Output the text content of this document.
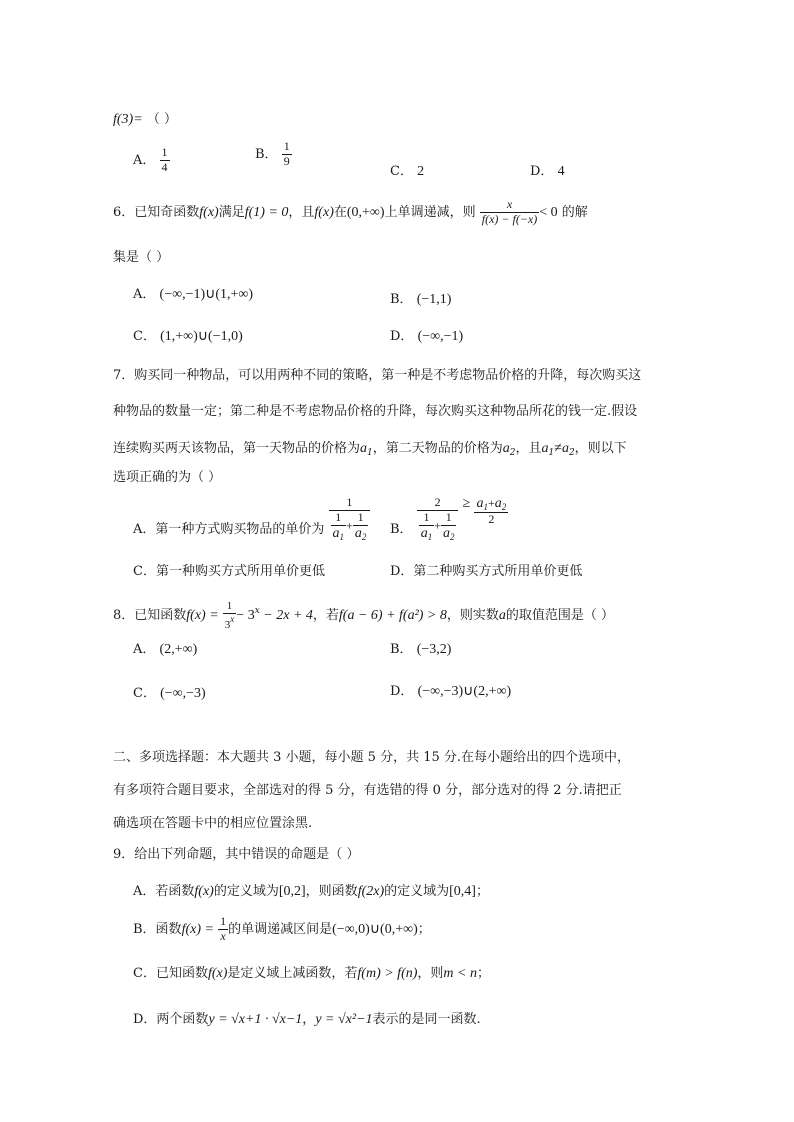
f(3)= （ ）
A． $\frac{1}{4}$	B． $\frac{1}{9}$
C． 2	D． 4
6．已知奇函数f(x)满足f(1) = 0，且f(x)在(0,+∞)上单调递减，则 $\frac{x}{f(x) - f(-x)} < 0$ 的解
集是（ ）
A． (−∞,−1)∪(1,+∞)	B． (−1,1)
C． (1,+∞)∪(−1,0)	D． (−∞,−1)
7．购买同一种物品，可以用两种不同的策略，第一种是不考虑物品价格的升降，每次购买这
种物品的数量一定；第二种是不考虑物品价格的升降，每次购买这种物品所花的钱一定.假设
连续购买两天该物品，第一天物品的价格为$a_1$，第二天物品的价格为$a_2$，且$a_1\ne a_2$，则以下
选项正确的为（ ）
A．第一种方式购买物品的单价为 $\frac{1}{\frac{1}{a_1} + \frac{1}{a_2}}$ B． $\frac{2}{\frac{1}{a_1} + \frac{1}{a_2}} \ge \frac{a_1+a_2}{2}$
C．第一种购买方式所用单价更低	D．第二种购买方式所用单价更低
8．已知函数$f(x) = \frac{1}{3^x} - 3^x - 2x + 4$，若f(a − 6) + f(a²) > 8，则实数a的取值范围是（ ）
A． (2,+∞)	B． (−3,2)
C． (−∞,−3)	D． (−∞,−3)∪(2,+∞)
二、多项选择题：本大题共 3 小题，每小题 5 分，共 15 分.在每小题给出的四个选项中，
有多项符合题目要求，全部选对的得 5 分，有选错的得 0 分，部分选对的得 2 分.请把正
确选项在答题卡中的相应位置涂黑.
9．给出下列命题，其中错误的命题是（ ）
A．若函数f(x)的定义域为[0,2]，则函数f(2x)的定义域为[0,4]；
B．函数$f(x) = \frac{1}{x}$ 的单调递减区间是(−∞,0)∪(0,+∞)；
C．已知函数f(x)是定义域上减函数，若f(m) > f(n)，则m < n；
D．两个函数y = √x+1 · √x−1，y = √x²−1表示的是同一函数.
